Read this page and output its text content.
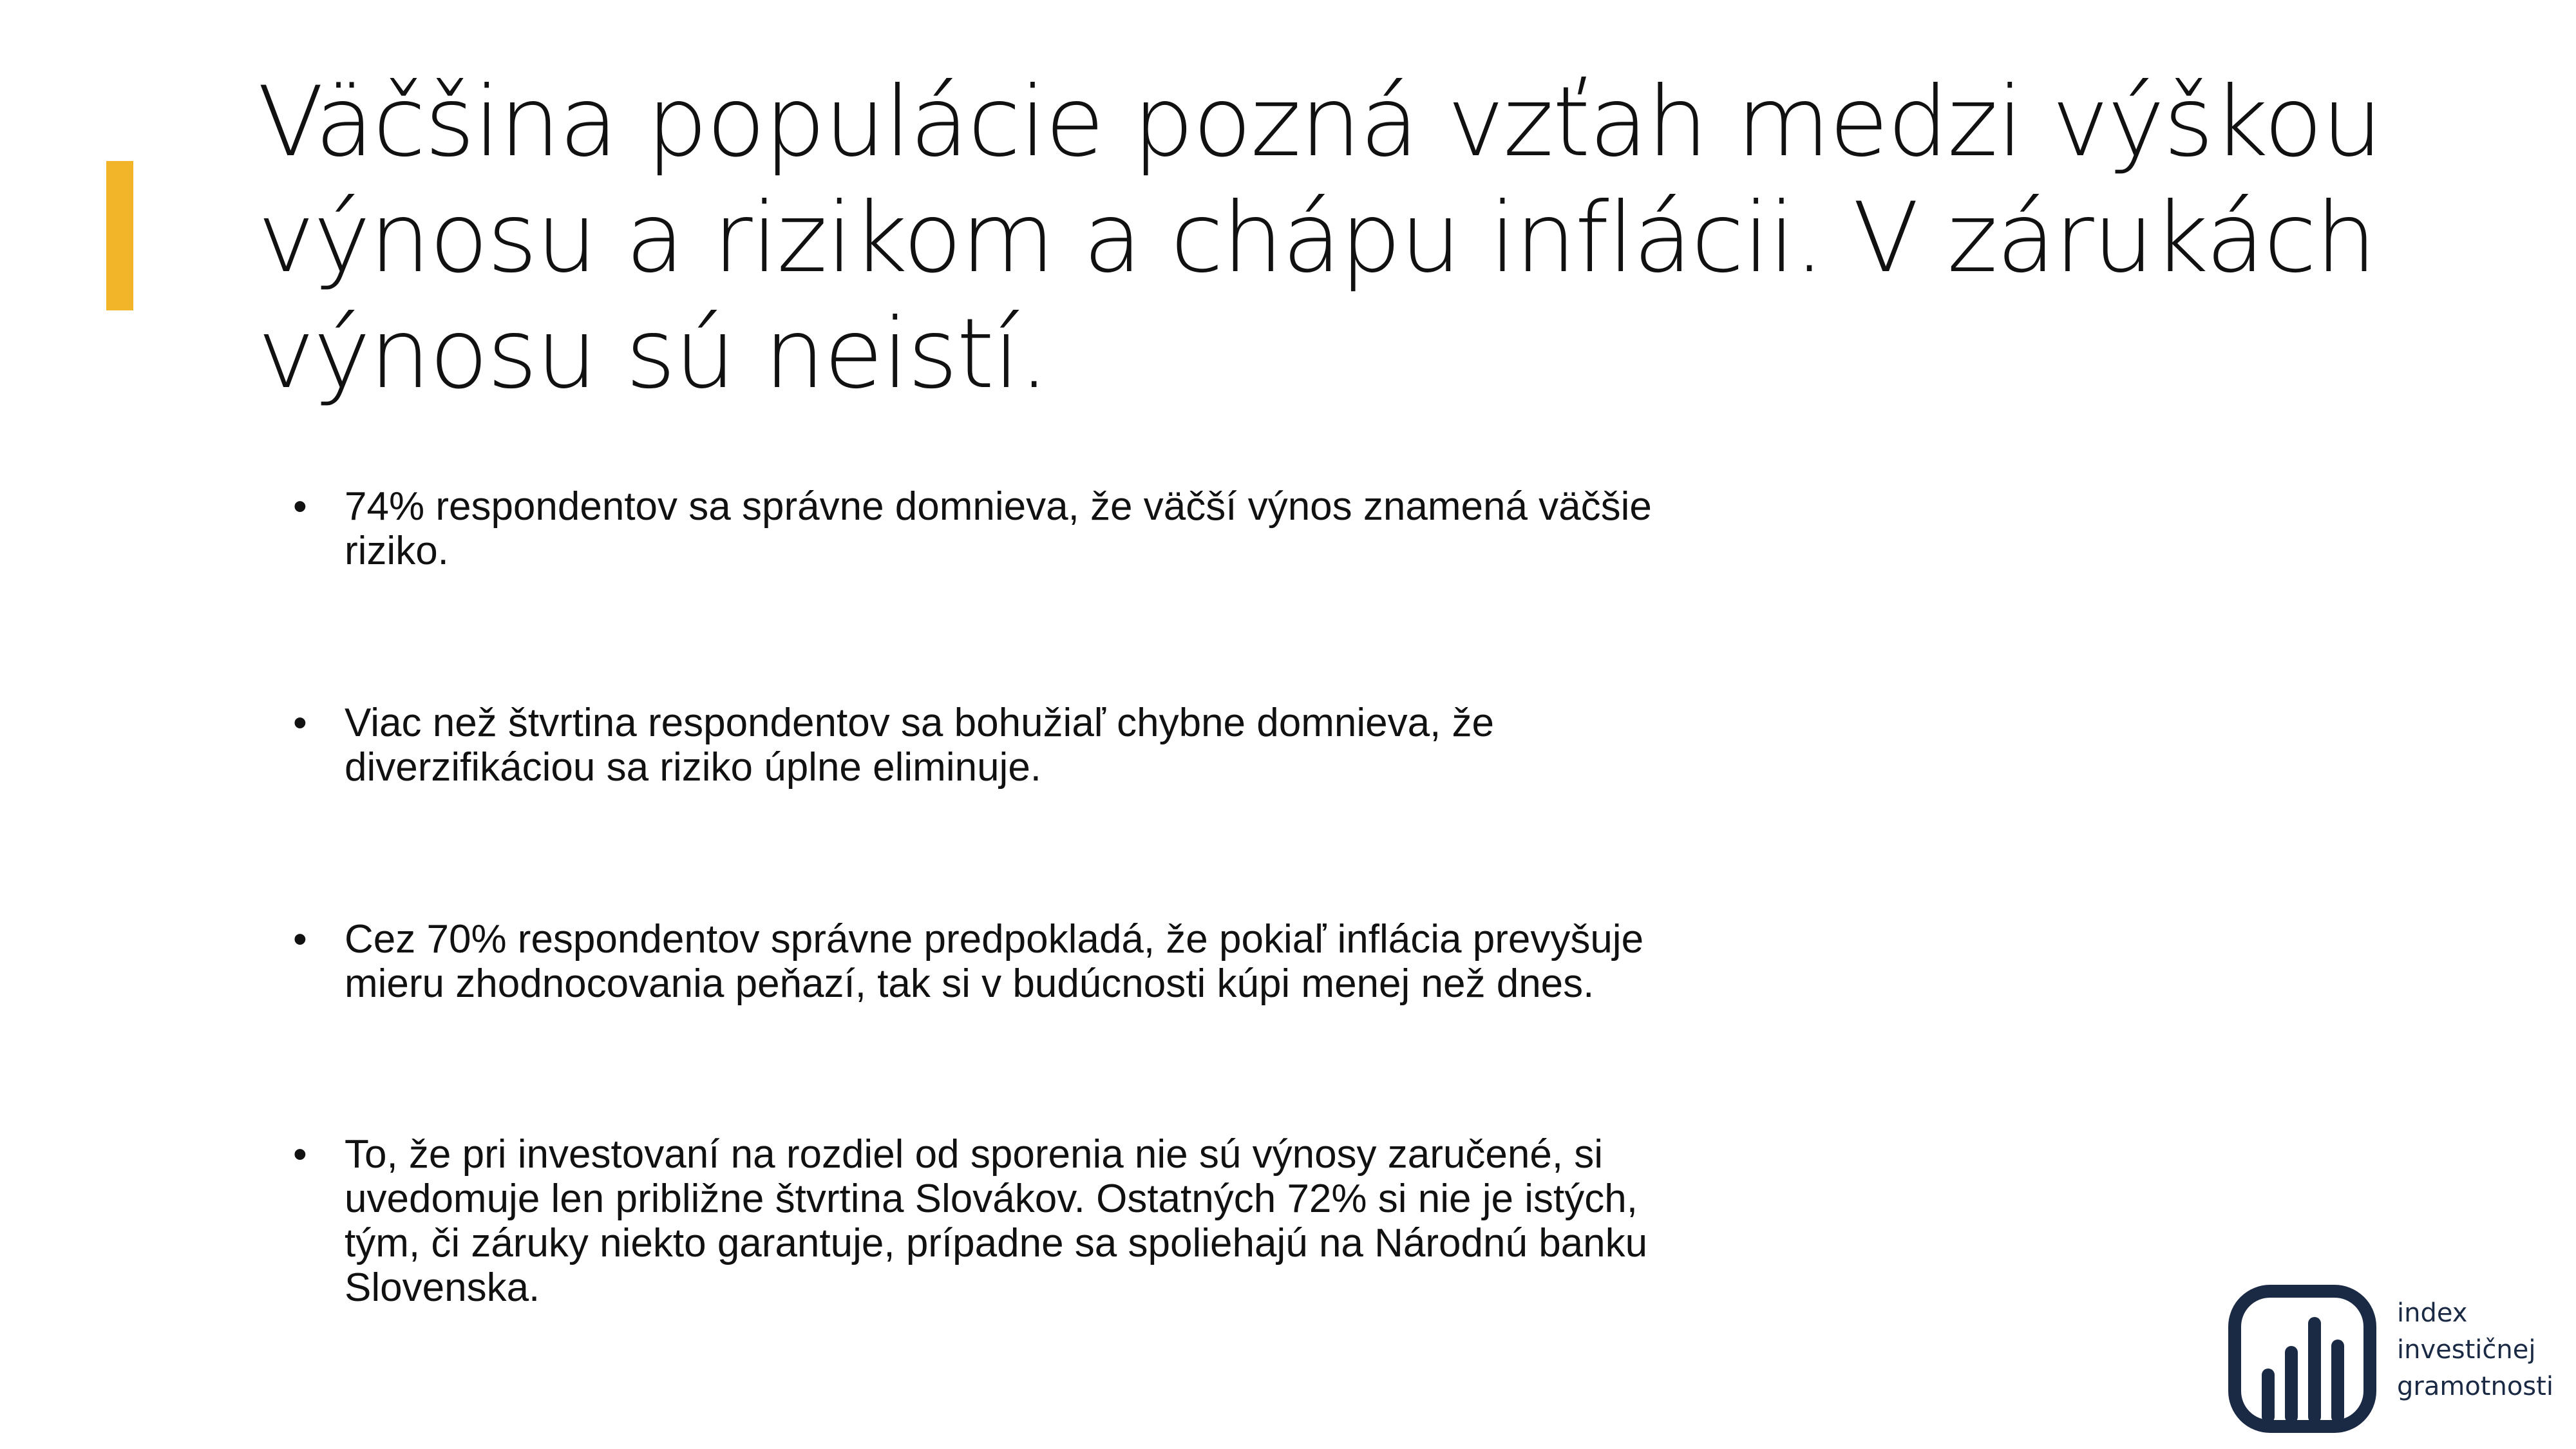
Väčšina populácie pozná vzťah medzi výškou výnosu a rizikom a chápu inflácii. V zárukách výnosu sú neistí.
• 74% respondentov sa správne domnieva, že väčší výnos znamená väčšie riziko.
• Viac než štvrtina respondentov sa bohužiaľ chybne domnieva, že diverzifikáciou sa riziko úplne eliminuje.
• Cez 70% respondentov správne predpokladá, že pokiaľ inflácia prevyšuje mieru zhodnocovania peňazí, tak si v budúcnosti kúpi menej než dnes.
• To, že pri investovaní na rozdiel od sporenia nie sú výnosy zaručené, si uvedomuje len približne štvrtina Slovákov. Ostatných 72% si nie je istých, tým, či záruky niekto garantuje, prípadne sa spoliehajú na Národnú banku Slovenska.
index
investičnej
gramotnosti
